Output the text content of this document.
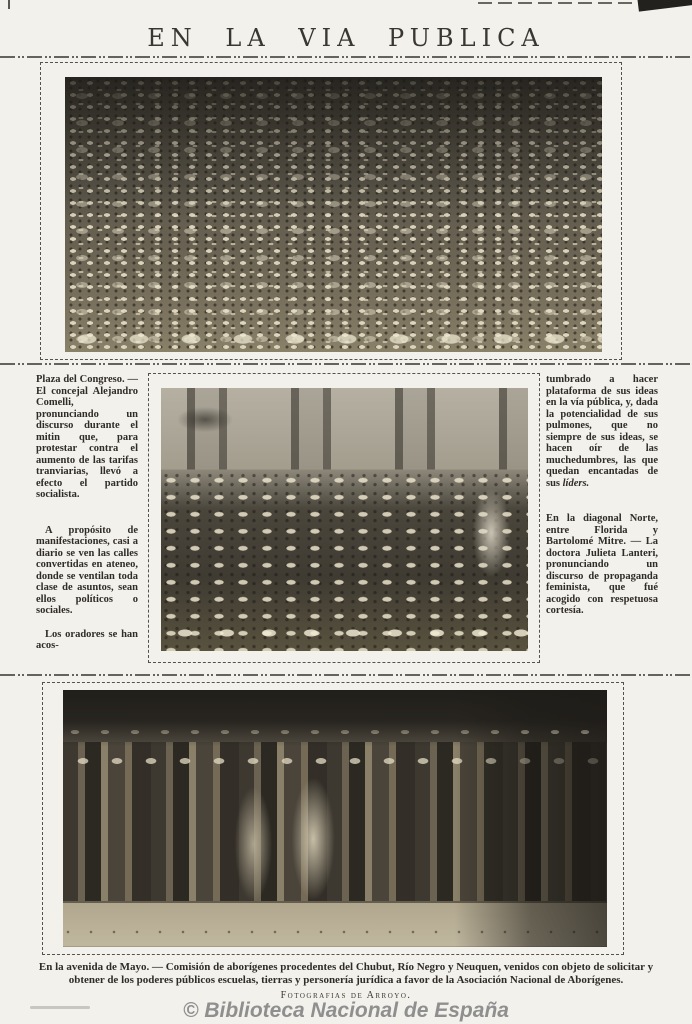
EN LA VIA PUBLICA

Plaza del Congreso. — El concejal Alejandro Comelli, pronunciando un discurso durante el mitin que, para protestar contra el aumento de las tarifas tranviarias, llevó a efecto el partido socialista.

A propósito de manifestaciones, casi a diario se ven las calles convertidas en ateneo, donde se ventilan toda clase de asuntos, sean ellos políticos o sociales.

Los oradores se han acos-

tumbrado a hacer plataforma de sus ideas en la vía pública, y, dada la potencialidad de sus pulmones, que no siempre de sus ideas, se hacen oír de las muchedumbres, las que quedan encantadas de sus líders.

En la diagonal Norte, entre Florida y Bartolomé Mitre. — La doctora Julieta Lanteri, pronunciando un discurso de propaganda feminista, que fué acogido con respetuosa cortesía.

En la avenida de Mayo. — Comisión de aborígenes procedentes del Chubut, Río Negro y Neuquen, venidos con objeto de solicitar y obtener de los poderes públicos escuelas, tierras y personería jurídica a favor de la Asociación Nacional de Aborígenes.
Fotografias de Arroyo.
© Biblioteca Nacional de España
